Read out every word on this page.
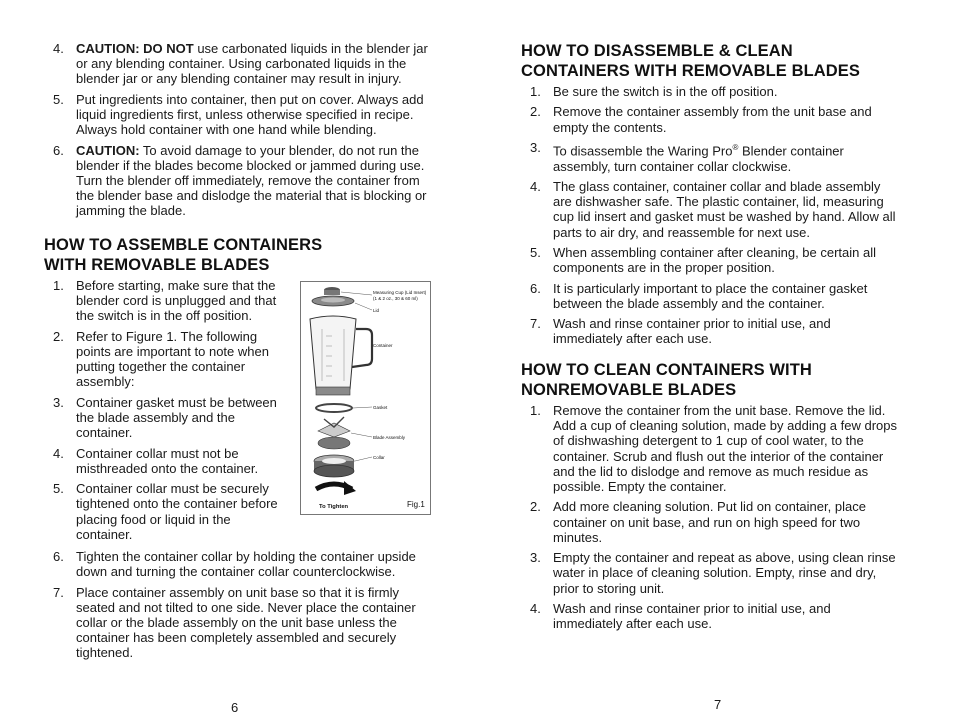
4. CAUTION: DO NOT use carbonated liquids in the blender jar or any blending container. Using carbonated liquids in the blender jar or any blending container may result in injury.
5. Put ingredients into container, then put on cover. Always add liquid ingredients first, unless otherwise specified in recipe. Always hold container with one hand while blending.
6. CAUTION: To avoid damage to your blender, do not run the blender if the blades become blocked or jammed during use. Turn the blender off immediately, remove the container from the blender base and dislodge the material that is blocking or jamming the blade.
HOW TO ASSEMBLE CONTAINERS
WITH REMOVABLE BLADES
1. Before starting, make sure that the blender cord is unplugged and that the switch is in the off position.
2. Refer to Figure 1. The following points are important to note when putting together the container assembly:
3. Container gasket must be between the blade assembly and the container.
4. Container collar must not be misthreaded onto the container.
5. Container collar must be securely tightened onto the container before placing food or liquid in the container.
6. Tighten the container collar by holding the container upside down and turning the container collar counterclockwise.
7. Place container assembly on unit base so that it is firmly seated and not tilted to one side. Never place the container collar or the blade assembly on the unit base unless the container has been completely assembled and securely tightened.
Measuring Cup (Lid Insert)
(1 & 2 oz., 30 & 60 ml)
Lid
Container
Gasket
Blade Assembly
Collar
To Tighten	Fig.1
6
HOW TO DISASSEMBLE & CLEAN
CONTAINERS WITH REMOVABLE BLADES
1. Be sure the switch is in the off position.
2. Remove the container assembly from the unit base and empty the contents.
3. To disassemble the Waring Pro® Blender container assembly, turn container collar clockwise.
4. The glass container, container collar and blade assembly are dishwasher safe. The plastic container, lid, measuring cup lid insert and gasket must be washed by hand. Allow all parts to air dry, and reassemble for next use.
5. When assembling container after cleaning, be certain all components are in the proper position.
6. It is particularly important to place the container gasket between the blade assembly and the container.
7. Wash and rinse container prior to initial use, and immediately after each use.
HOW TO CLEAN CONTAINERS WITH
NONREMOVABLE BLADES
1. Remove the container from the unit base. Remove the lid. Add a cup of cleaning solution, made by adding a few drops of dishwashing detergent to 1 cup of cool water, to the container. Scrub and flush out the interior of the container and the lid to dislodge and remove as much residue as possible. Empty the container.
2. Add more cleaning solution. Put lid on container, place container on unit base, and run on high speed for two minutes.
3. Empty the container and repeat as above, using clean rinse water in place of cleaning solution. Empty, rinse and dry, prior to storing unit.
4. Wash and rinse container prior to initial use, and immediately after each use.
7
